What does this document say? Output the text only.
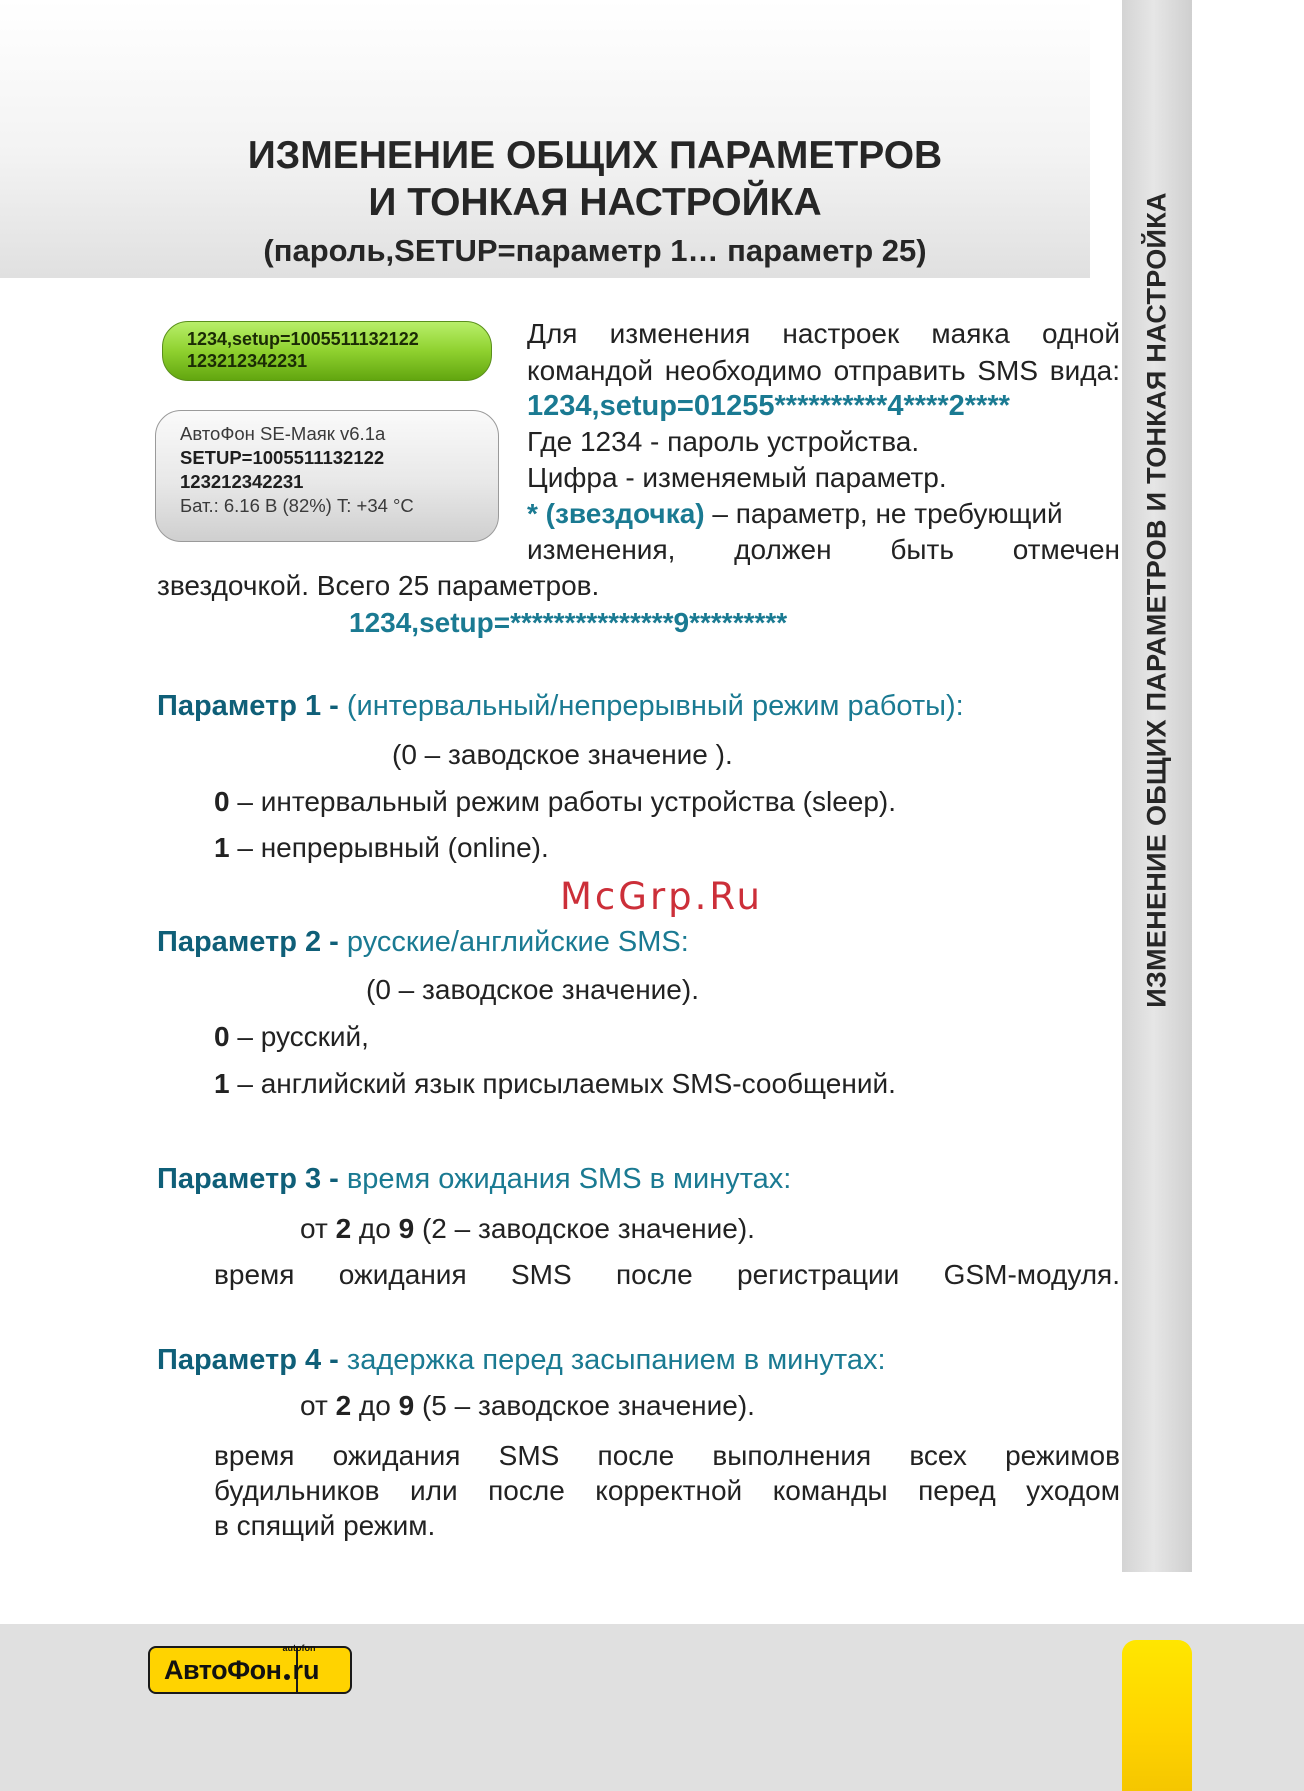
ИЗМЕНЕНИЕ ОБЩИХ ПАРАМЕТРОВ И ТОНКАЯ НАСТРОЙКА
ИЗМЕНЕНИЕ ОБЩИХ ПАРАМЕТРОВ
И ТОНКАЯ НАСТРОЙКА
(пароль,SETUP=параметр 1… параметр 25)
1234,setup=1005511132122
123212342231
АвтоФон SE-Маяк v6.1a
SETUP=1005511132122
123212342231
Бат.: 6.16 В (82%) T: +34 °C
Для изменения настроек маяка одной
командой необходимо отправить SMS вида:
1234,setup=01255**********4****2****
Где 1234 - пароль устройства.
Цифра - изменяемый параметр.
* (звездочка) – параметр, не требующий
изменения, должен быть отмечен
звездочкой. Всего 25 параметров.
1234,setup=***************9*********
Параметр 1 - (интервальный/непрерывный режим работы):
(0 – заводское значение ).
0 – интервальный режим работы устройства (sleep).
1 – непрерывный (online).
McGrp.Ru
Параметр 2 - русские/английские SMS:
(0 – заводское значение).
0 – русский,
1 – английский язык присылаемых SMS-сообщений.
Параметр 3 - время ожидания SMS в минутах:
от 2 до 9 (2 – заводское значение).
время ожидания SMS после регистрации GSM-модуля.
Параметр 4 - задержка перед засыпанием в минутах:
от 2 до 9 (5 – заводское значение).
время ожидания SMS после выполнения всех режимов
будильников или после корректной команды перед уходом
в спящий режим.
АвтоФон ru
autofon
